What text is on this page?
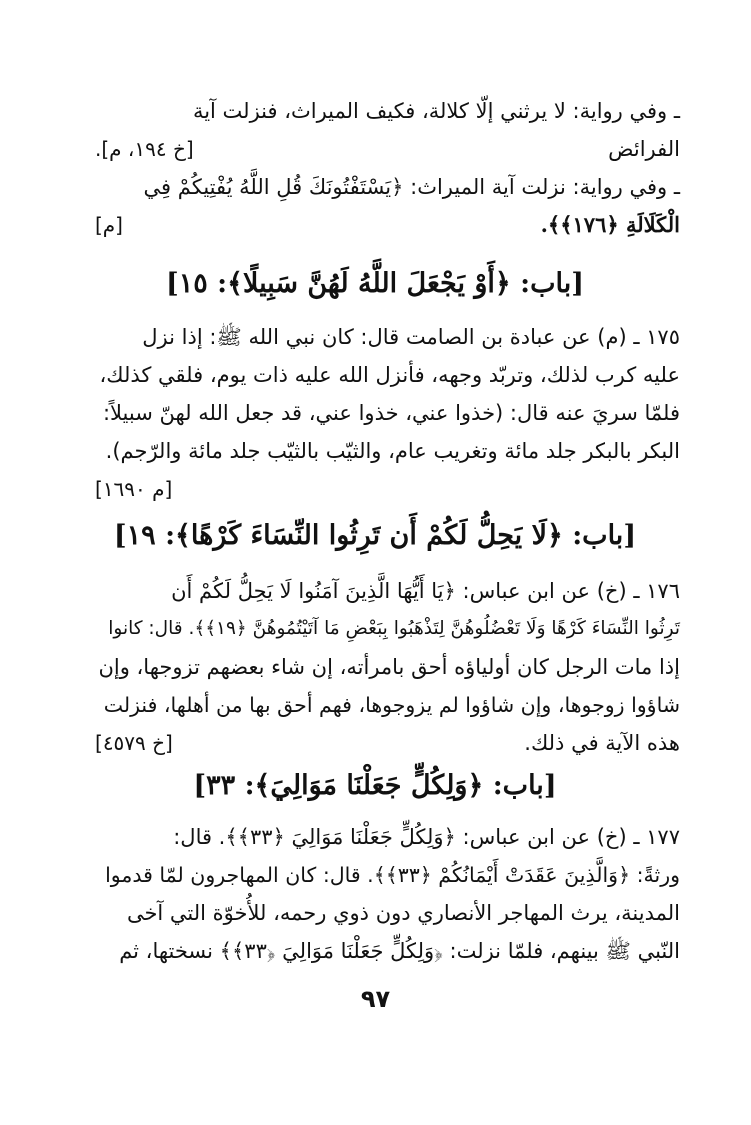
ـ وفي رواية: لا يرثني إلّا كلالة، فكيف الميراث، فنزلت آية
الفرائض
[خ ١٩٤، م].
ـ وفي رواية: نزلت آية الميراث: ﴿يَسْتَفْتُونَكَ قُلِ اللَّهُ يُفْتِيكُمْ فِي
الْكَلَالَةِ ﴿١٧٦﴾﴾.
[م]
[باب: ﴿أَوْ يَجْعَلَ اللَّهُ لَهُنَّ سَبِيلًا﴾: ١٥]
١٧٥ ـ (م) عن عبادة بن الصامت قال: كان نبي الله ﷺ: إذا نزل
عليه كرب لذلك، وتربّد وجهه، فأنزل الله عليه ذات يوم، فلقي كذلك،
فلمّا سريَ عنه قال: (خذوا عني، خذوا عني، قد جعل الله لهنّ سبيلاً:
البكر بالبكر جلد مائة وتغريب عام، والثيّب بالثيّب جلد مائة والرّجم).
[م ١٦٩٠]
[باب: ﴿لَا يَحِلُّ لَكُمْ أَن تَرِثُوا النِّسَاءَ كَرْهًا﴾: ١٩]
١٧٦ ـ (خ) عن ابن عباس: ﴿يَا أَيُّهَا الَّذِينَ آمَنُوا لَا يَحِلُّ لَكُمْ أَن
تَرِثُوا النِّسَاءَ كَرْهًا وَلَا تَعْضُلُوهُنَّ لِتَذْهَبُوا بِبَعْضِ مَا آتَيْتُمُوهُنَّ ﴿١٩﴾﴾. قال: كانوا
إذا مات الرجل كان أولياؤه أحق بامرأته، إن شاء بعضهم تزوجها، وإن
شاؤوا زوجوها، وإن شاؤوا لم يزوجوها، فهم أحق بها من أهلها، فنزلت
هذه الآية في ذلك.
[خ ٤٥٧٩]
[باب: ﴿وَلِكُلٍّ جَعَلْنَا مَوَالِيَ﴾: ٣٣]
١٧٧ ـ (خ) عن ابن عباس: ﴿وَلِكُلٍّ جَعَلْنَا مَوَالِيَ ﴿٣٣﴾﴾. قال:
ورثةً: ﴿وَالَّذِينَ عَقَدَتْ أَيْمَانُكُمْ ﴿٣٣﴾﴾. قال: كان المهاجرون لمّا قدموا
المدينة، يرث المهاجر الأنصاري دون ذوي رحمه، للأُخوّة التي آخى
النّبي ﷺ بينهم، فلمّا نزلت: ﴿وَلِكُلٍّ جَعَلْنَا مَوَالِيَ ﴿٣٣﴾﴾ نسختها، ثم
٩٧
